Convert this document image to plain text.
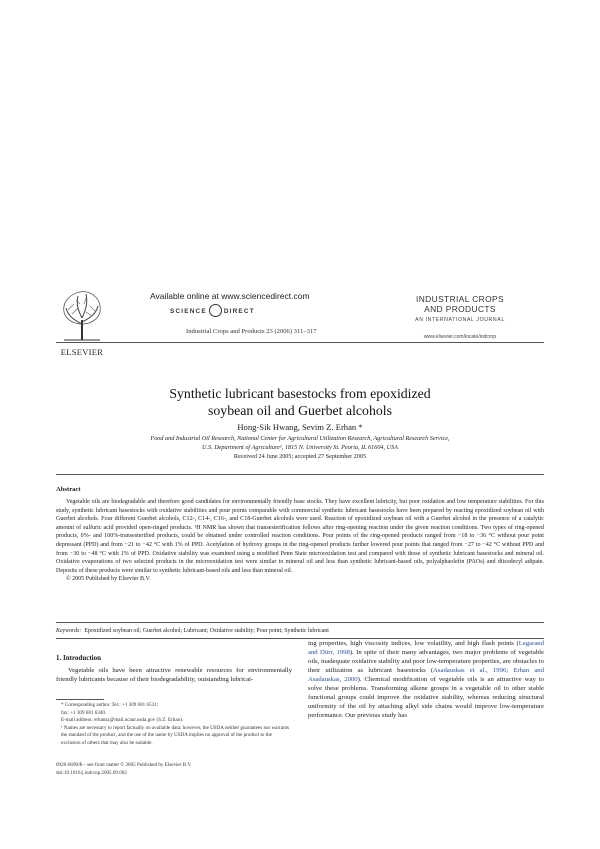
ELSEVIER
Available online at www.sciencedirect.com
SCIENCE	DIRECT
Industrial Crops and Products 23 (2006) 311–317
INDUSTRIAL CROPS
AND PRODUCTS
AN INTERNATIONAL JOURNAL
www.elsevier.com/locate/indcrop
Synthetic lubricant basestocks from epoxidized
soybean oil and Guerbet alcohols
Hong-Sik Hwang, Sevim Z. Erhan *
Food and Industrial Oil Research, National Center for Agricultural Utilization Research, Agricultural Research Service,
U.S. Department of Agriculture¹, 1815 N. University St. Peoria, IL 61604, USA
Received 24 June 2005; accepted 27 September 2005
Abstract

Vegetable oils are biodegradable and therefore good candidates for environmentally friendly base stocks. They have excellent lubricity, but poor oxidation and low temperature stabilities. For this study, synthetic lubricant basestocks with oxidative stabilities and pour points comparable with commercial synthetic lubricant basestocks have been prepared by reacting epoxidized soybean oil with Guerbet alcohols. Four different Guerbet alcohols, C12-, C14-, C16-, and C18-Guerbet alcohols were used. Reaction of epoxidized soybean oil with a Guerbet alcohol in the presence of a catalytic amount of sulfuric acid provided open-ringed products. ¹H NMR has shown that transesterification follows after ring-opening reaction under the given reaction conditions. Two types of ring-opened products, 0%- and 100%-transesterified products, could be obtained under controlled reaction conditions. Pour points of the ring-opened products ranged from −18 to −36 °C without pour point depressant (PPD) and from −21 to −42 °C with 1% of PPD. Acetylation of hydroxy groups in the ring-opened products further lowered pour points that ranged from −27 to −42 °C without PPD and from −30 to −48 °C with 1% of PPD. Oxidative stability was examined using a modified Penn State microoxidation test and compared with those of synthetic lubricant basestocks and mineral oil. Oxidative evaporations of two selected products in the microoxidation test were similar to mineral oil and less than synthetic lubricant-based oils, polyalphaolefin (PAOs) and diisodecyl adipate. Deposits of these products were similar to synthetic lubricant-based oils and less than mineral oil.

© 2005 Published by Elsevier B.V.

Keywords: Epoxidized soybean oil; Guerbet alcohol; Lubricant; Oxidative stability; Pour point; Synthetic lubricant
1. Introduction

Vegetable oils have been attractive renewable resources for environmentally friendly lubricants because of their biodegradability, outstanding lubricat-

* Corresponding author. Tel.: +1 309 681 6531;
fax: +1 309 681 6340.
E-mail address: erhansz@mail.ncaur.usda.gov (S.Z. Erhan).
¹ Names are necessary to report factually on available data; however, the USDA neither guarantees nor warrants the standard of the product, and the use of the name by USDA implies no approval of the product to the exclusion of others that may also be suitable.
0926-6690/$ – see front matter © 2005 Published by Elsevier B.V.
doi:10.1016/j.indcrop.2005.09.002

ing properties, high viscosity indices, low volatility, and high flash points (Legarand and Dürr, 1998). In spite of their many advantages, two major problems of vegetable oils, inadequate oxidative stability and poor low-temperature properties, are obstacles to their utilization as lubricant basestocks (Asadauskas et al., 1996; Erhan and Asadauskas, 2000). Chemical modification of vegetable oils is an attractive way to solve these problems. Transforming alkene groups in a vegetable oil to other stable functional groups could improve the oxidative stability, whereas reducing structural uniformity of the oil by attaching alkyl side chains would improve low-temperature performance. Our previous study has
